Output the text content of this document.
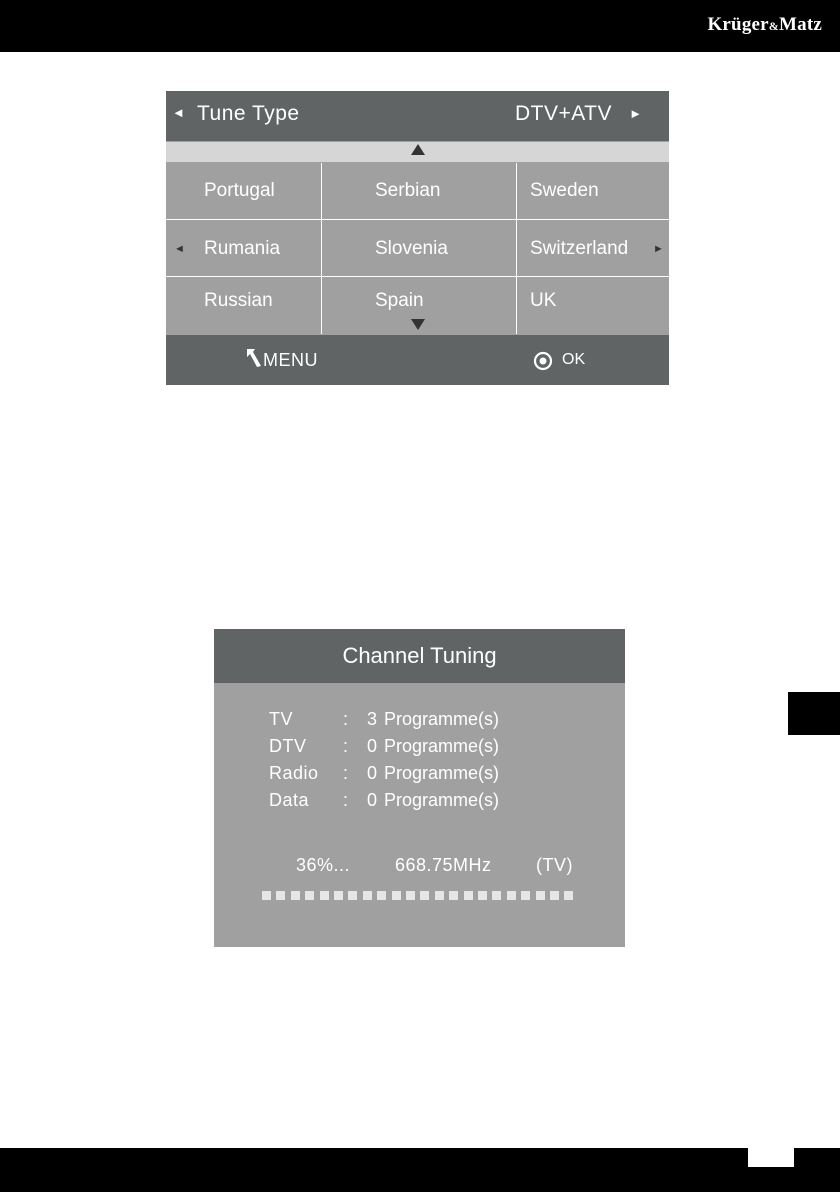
Krüger&Matz
◄ Tune Type	DTV+ATV ►
Portugal	Serbian	Sweden
◄ Rumania	Slovenia	Switzerland ►
Russian	Spain	UK
MENU	OK
Channel Tuning
TV	: 3 Programme(s)
DTV : 0 Programme(s)
Radio : 0 Programme(s)
Data : 0 Programme(s)
36%... 668.75MHz (TV)
